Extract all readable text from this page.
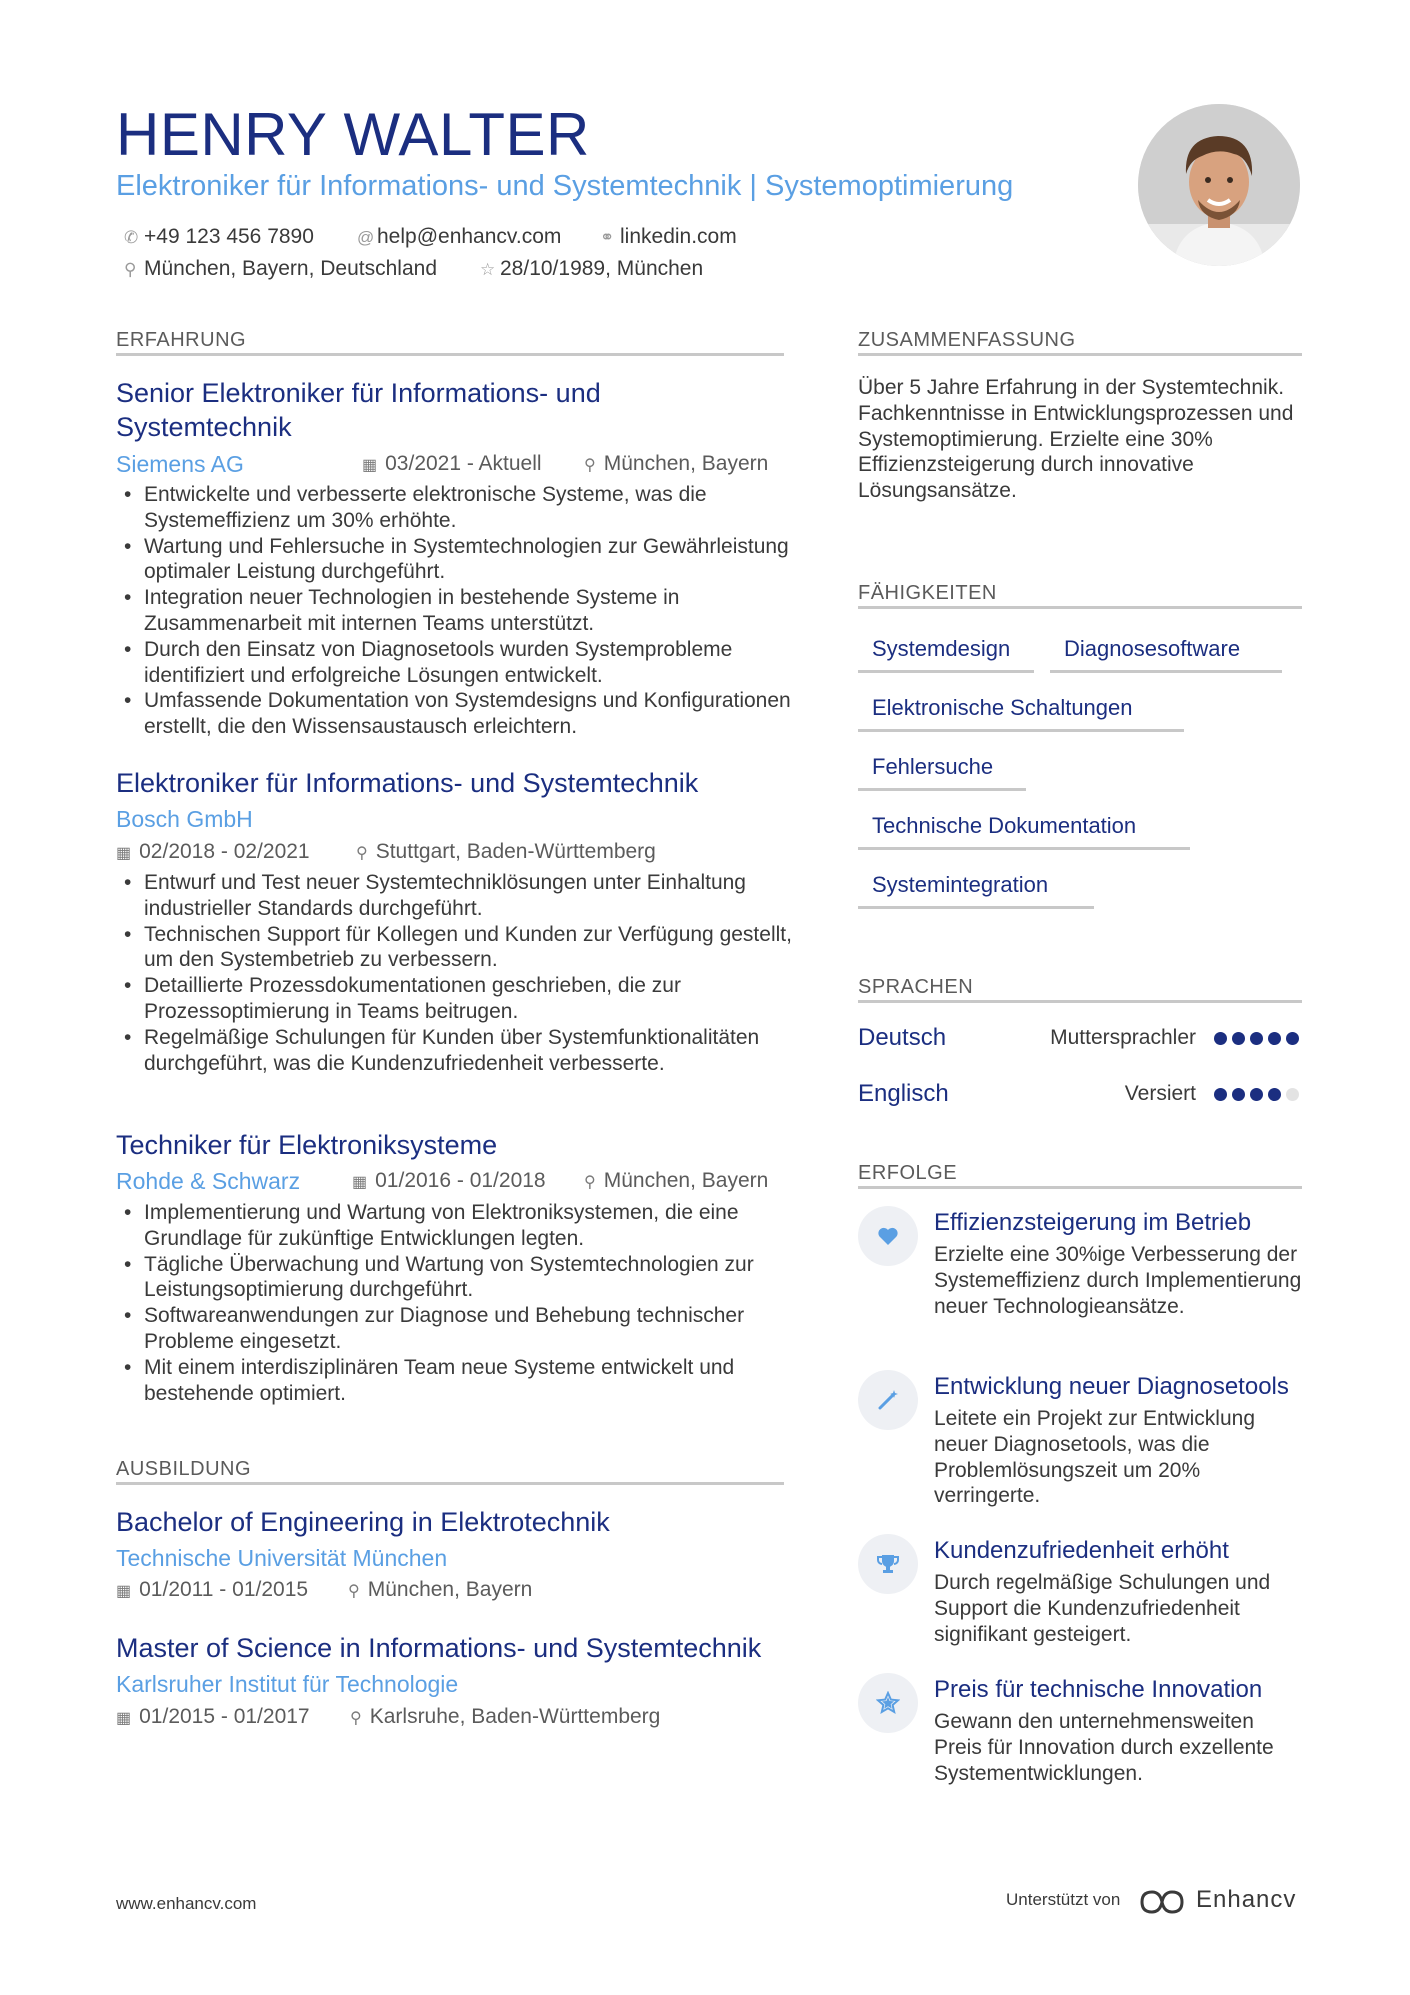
HENRY WALTER
Elektroniker für Informations- und Systemtechnik | Systemoptimierung
✆ +49 123 456 7890	@ help@enhancv.com ⚭ linkedin.com
⚲ München, Bayern, Deutschland	☆ 28/10/1989, München
ERFAHRUNG
Senior Elektroniker für Informations- und Systemtechnik
Siemens AG	▦ 03/2021 - Aktuell	⚲ München, Bayern
• Entwickelte und verbesserte elektronische Systeme, was die Systemeffizienz um 30% erhöhte.
• Wartung und Fehlersuche in Systemtechnologien zur Gewährleistung optimaler Leistung durchgeführt.
• Integration neuer Technologien in bestehende Systeme in Zusammenarbeit mit internen Teams unterstützt.
• Durch den Einsatz von Diagnosetools wurden Systemprobleme identifiziert und erfolgreiche Lösungen entwickelt.
• Umfassende Dokumentation von Systemdesigns und Konfigurationen erstellt, die den Wissensaustausch erleichtern.
Elektroniker für Informations- und Systemtechnik
Bosch GmbH
▦ 02/2018 - 02/2021	⚲ Stuttgart, Baden-Württemberg
• Entwurf und Test neuer Systemtechniklösungen unter Einhaltung industrieller Standards durchgeführt.
• Technischen Support für Kollegen und Kunden zur Verfügung gestellt, um den Systembetrieb zu verbessern.
• Detaillierte Prozessdokumentationen geschrieben, die zur Prozessoptimierung in Teams beitrugen.
• Regelmäßige Schulungen für Kunden über Systemfunktionalitäten durchgeführt, was die Kundenzufriedenheit verbesserte.
Techniker für Elektroniksysteme
Rohde & Schwarz	▦ 01/2016 - 01/2018 ⚲ München, Bayern
• Implementierung und Wartung von Elektroniksystemen, die eine Grundlage für zukünftige Entwicklungen legten.
• Tägliche Überwachung und Wartung von Systemtechnologien zur Leistungsoptimierung durchgeführt.
• Softwareanwendungen zur Diagnose und Behebung technischer Probleme eingesetzt.
• Mit einem interdisziplinären Team neue Systeme entwickelt und bestehende optimiert.
AUSBILDUNG
Bachelor of Engineering in Elektrotechnik
Technische Universität München
▦ 01/2011 - 01/2015 ⚲ München, Bayern
Master of Science in Informations- und Systemtechnik
Karlsruher Institut für Technologie
▦ 01/2015 - 01/2017	⚲ Karlsruhe, Baden-Württemberg
ZUSAMMENFASSUNG
Über 5 Jahre Erfahrung in der Systemtechnik. Fachkenntnisse in Entwicklungsprozessen und Systemoptimierung. Erzielte eine 30% Effizienzsteigerung durch innovative Lösungsansätze.
FÄHIGKEITEN
Systemdesign	Diagnosesoftware
Elektronische Schaltungen
Fehlersuche
Technische Dokumentation
Systemintegration
SPRACHEN
Deutsch	Muttersprachler
Englisch	Versiert
ERFOLGE
Effizienzsteigerung im Betrieb
Erzielte eine 30%ige Verbesserung der Systemeffizienz durch Implementierung neuer Technologieansätze.
Entwicklung neuer Diagnosetools
Leitete ein Projekt zur Entwicklung neuer Diagnosetools, was die Problemlösungszeit um 20% verringerte.
Kundenzufriedenheit erhöht
Durch regelmäßige Schulungen und Support die Kundenzufriedenheit signifikant gesteigert.
Preis für technische Innovation
Gewann den unternehmensweiten Preis für Innovation durch exzellente Systementwicklungen.
www.enhancv.com	Unterstützt von	Enhancv
